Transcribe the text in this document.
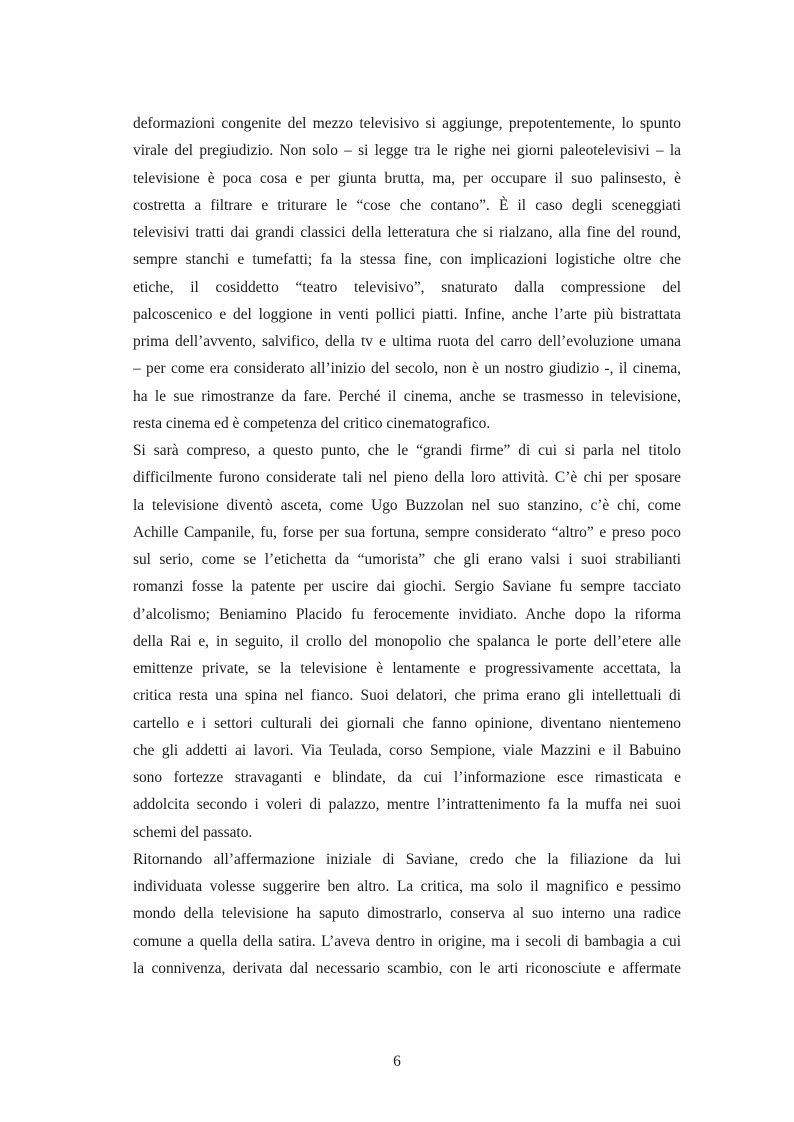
deformazioni congenite del mezzo televisivo si aggiunge, prepotentemente, lo spunto
virale del pregiudizio. Non solo – si legge tra le righe nei giorni paleotelevisivi – la
televisione è poca cosa e per giunta brutta, ma, per occupare il suo palinsesto, è
costretta a filtrare e triturare le “cose che contano”. È il caso degli sceneggiati
televisivi tratti dai grandi classici della letteratura che si rialzano, alla fine del round,
sempre stanchi e tumefatti; fa la stessa fine, con implicazioni logistiche oltre che
etiche, il cosiddetto “teatro televisivo”, snaturato dalla compressione del
palcoscenico e del loggione in venti pollici piatti. Infine, anche l’arte più bistrattata
prima dell’avvento, salvifico, della tv e ultima ruota del carro dell’evoluzione umana
– per come era considerato all’inizio del secolo, non è un nostro giudizio -, il cinema,
ha le sue rimostranze da fare. Perché il cinema, anche se trasmesso in televisione,
resta cinema ed è competenza del critico cinematografico.
Si sarà compreso, a questo punto, che le “grandi firme” di cui si parla nel titolo
difficilmente furono considerate tali nel pieno della loro attività. C’è chi per sposare
la televisione diventò asceta, come Ugo Buzzolan nel suo stanzino, c’è chi, come
Achille Campanile, fu, forse per sua fortuna, sempre considerato “altro” e preso poco
sul serio, come se l’etichetta da “umorista” che gli erano valsi i suoi strabilianti
romanzi fosse la patente per uscire dai giochi. Sergio Saviane fu sempre tacciato
d’alcolismo; Beniamino Placido fu ferocemente invidiato. Anche dopo la riforma
della Rai e, in seguito, il crollo del monopolio che spalanca le porte dell’etere alle
emittenze private, se la televisione è lentamente e progressivamente accettata, la
critica resta una spina nel fianco. Suoi delatori, che prima erano gli intellettuali di
cartello e i settori culturali dei giornali che fanno opinione, diventano nientemeno
che gli addetti ai lavori. Via Teulada, corso Sempione, viale Mazzini e il Babuino
sono fortezze stravaganti e blindate, da cui l’informazione esce rimasticata e
addolcita secondo i voleri di palazzo, mentre l’intrattenimento fa la muffa nei suoi
schemi del passato.
Ritornando all’affermazione iniziale di Saviane, credo che la filiazione da lui
individuata volesse suggerire ben altro. La critica, ma solo il magnifico e pessimo
mondo della televisione ha saputo dimostrarlo, conserva al suo interno una radice
comune a quella della satira. L’aveva dentro in origine, ma i secoli di bambagia a cui
la connivenza, derivata dal necessario scambio, con le arti riconosciute e affermate
6
